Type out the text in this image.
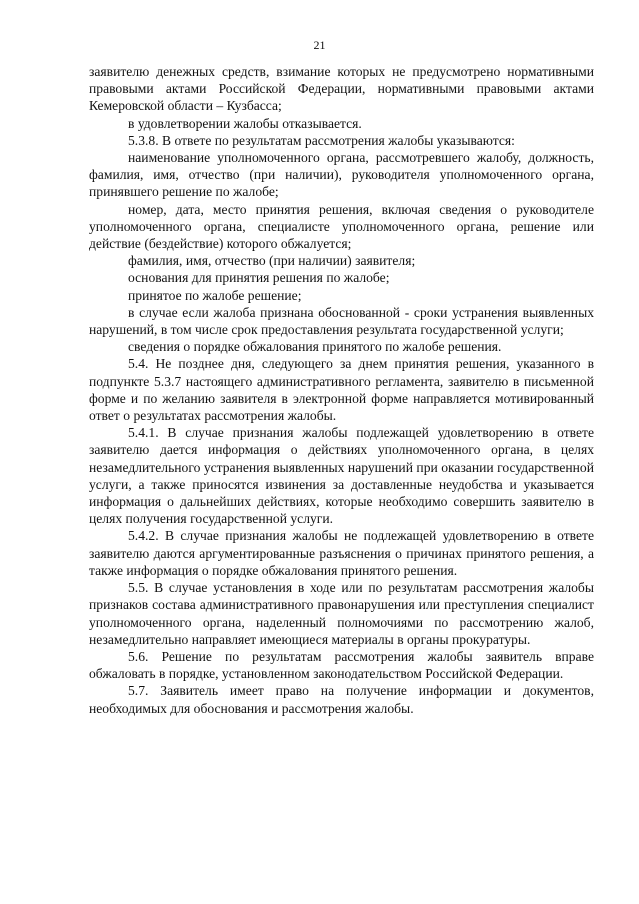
21

заявителю денежных средств, взимание которых не предусмотрено нормативными правовыми актами Российской Федерации, нормативными правовыми актами Кемеровской области – Кузбасса;

в удовлетворении жалобы отказывается.

5.3.8. В ответе по результатам рассмотрения жалобы указываются:

наименование уполномоченного органа, рассмотревшего жалобу, должность, фамилия, имя, отчество (при наличии), руководителя уполномоченного органа, принявшего решение по жалобе;

номер, дата, место принятия решения, включая сведения о руководителе уполномоченного органа, специалисте уполномоченного органа, решение или действие (бездействие) которого обжалуется;

фамилия, имя, отчество (при наличии) заявителя;

основания для принятия решения по жалобе;

принятое по жалобе решение;

в случае если жалоба признана обоснованной - сроки устранения выявленных нарушений, в том числе срок предоставления результата государственной услуги;

сведения о порядке обжалования принятого по жалобе решения.

5.4. Не позднее дня, следующего за днем принятия решения, указанного в подпункте 5.3.7 настоящего административного регламента, заявителю в письменной форме и по желанию заявителя в электронной форме направляется мотивированный ответ о результатах рассмотрения жалобы.

5.4.1. В случае признания жалобы подлежащей удовлетворению в ответе заявителю дается информация о действиях уполномоченного органа, в целях незамедлительного устранения выявленных нарушений при оказании государственной услуги, а также приносятся извинения за доставленные неудобства и указывается информация о дальнейших действиях, которые необходимо совершить заявителю в целях получения государственной услуги.

5.4.2. В случае признания жалобы не подлежащей удовлетворению в ответе заявителю даются аргументированные разъяснения о причинах принятого решения, а также информация о порядке обжалования принятого решения.

5.5. В случае установления в ходе или по результатам рассмотрения жалобы признаков состава административного правонарушения или преступления специалист уполномоченного органа, наделенный полномочиями по рассмотрению жалоб, незамедлительно направляет имеющиеся материалы в органы прокуратуры.

5.6. Решение по результатам рассмотрения жалобы заявитель вправе обжаловать в порядке, установленном законодательством Российской Федерации.

5.7. Заявитель имеет право на получение информации и документов, необходимых для обоснования и рассмотрения жалобы.
